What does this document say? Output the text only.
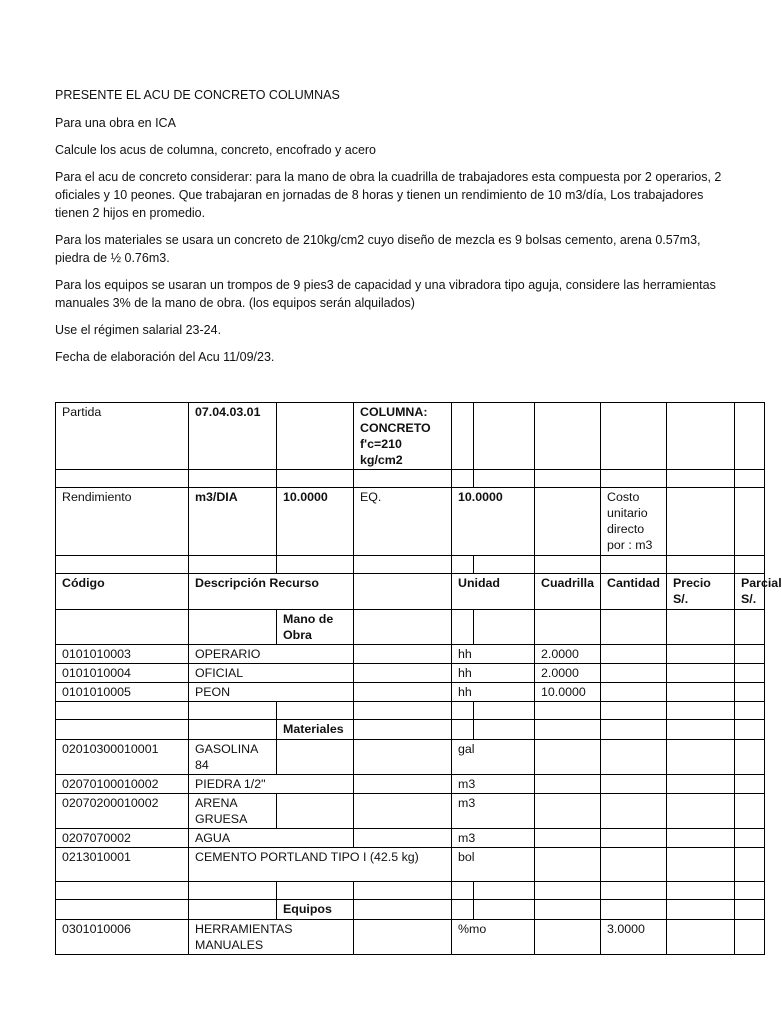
PRESENTE EL ACU DE CONCRETO COLUMNAS

Para una obra en ICA

Calcule los acus de columna, concreto, encofrado y acero

Para el acu de concreto considerar: para la mano de obra la cuadrilla de trabajadores esta compuesta por 2 operarios, 2 oficiales y 10 peones. Que trabajaran en jornadas de 8 horas y tienen un rendimiento de 10 m3/día, Los trabajadores tienen 2 hijos en promedio.

Para los materiales se usara un concreto de 210kg/cm2 cuyo diseño de mezcla es 9 bolsas cemento, arena 0.57m3, piedra de ½ 0.76m3.

Para los equipos se usaran un trompos de 9 pies3 de capacidad y una vibradora tipo aguja, considere las herramientas manuales 3% de la mano de obra. (los equipos serán alquilados)

Use el régimen salarial 23-24.

Fecha de elaboración del Acu 11/09/23.

Partida	07.04.03.01		COLUMNA: CONCRETO f'c=210 kg/cm2						

Rendimiento	m3/DIA	10.0000	EQ.	10.0000			Costo unitario directo por : m3		

Código	Descripción Recurso			Unidad		Cuadrilla	Cantidad	Precio S/.	Parcial S/.
		Mano de Obra							
0101010003	OPERARIO			hh		2.0000			
0101010004	OFICIAL			hh		2.0000			
0101010005	PEON			hh		10.0000			

		Materiales							
02010300010001	GASOLINA 84			gal					
02070100010002	PIEDRA 1/2"			m3					
02070200010002	ARENA GRUESA			m3					
0207070002	AGUA			m3					
0213010001	CEMENTO PORTLAND TIPO I (42.5 kg)			bol					

		Equipos							
0301010006	HERRAMIENTAS MANUALES			%mo			3.0000		
